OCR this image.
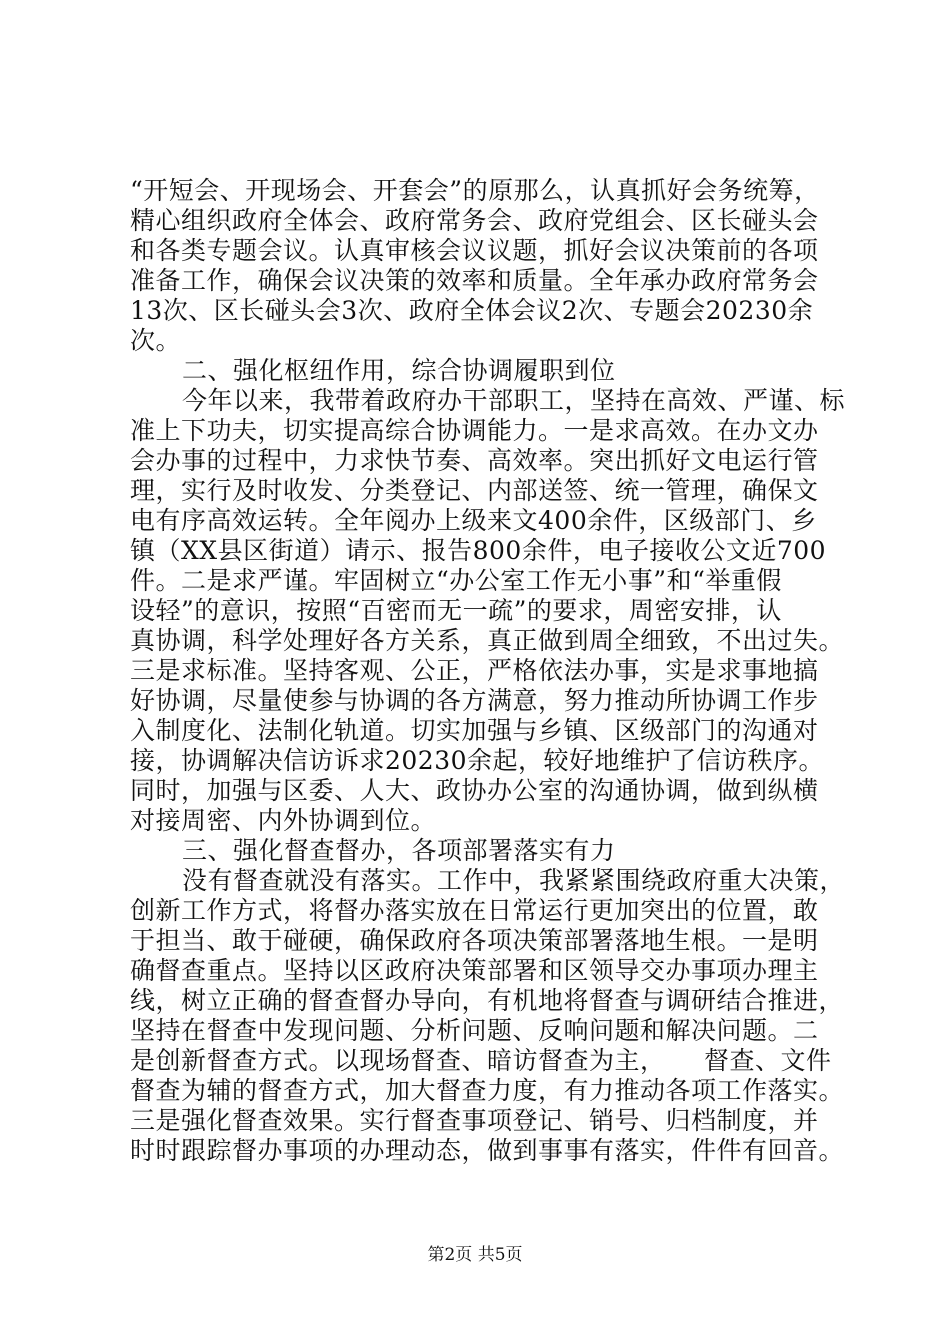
“开短会、开现场会、开套会”的原那么，认真抓好会务统筹，
精心组织政府全体会、政府常务会、政府党组会、区长碰头会
和各类专题会议。认真审核会议议题，抓好会议决策前的各项
准备工作，确保会议决策的效率和质量。全年承办政府常务会
13次、区长碰头会3次、政府全体会议2次、专题会20230余
次。
二、强化枢纽作用，综合协调履职到位
今年以来，我带着政府办干部职工，坚持在高效、严谨、标
准上下功夫，切实提高综合协调能力。一是求高效。在办文办
会办事的过程中，力求快节奏、高效率。突出抓好文电运行管
理，实行及时收发、分类登记、内部送签、统一管理，确保文
电有序高效运转。全年阅办上级来文400余件，区级部门、乡
镇（XX县区街道）请示、报告800余件，电子接收公文近700
件。二是求严谨。牢固树立“办公室工作无小事”和“举重假
设轻”的意识，按照“百密而无一疏”的要求，周密安排，认
真协调，科学处理好各方关系，真正做到周全细致，不出过失。
三是求标准。坚持客观、公正，严格依法办事，实是求事地搞
好协调，尽量使参与协调的各方满意，努力推动所协调工作步
入制度化、法制化轨道。切实加强与乡镇、区级部门的沟通对
接，协调解决信访诉求20230余起，较好地维护了信访秩序。
同时，加强与区委、人大、政协办公室的沟通协调，做到纵横
对接周密、内外协调到位。
三、强化督查督办，各项部署落实有力
没有督查就没有落实。工作中，我紧紧围绕政府重大决策，
创新工作方式，将督办落实放在日常运行更加突出的位置，敢
于担当、敢于碰硬，确保政府各项决策部署落地生根。一是明
确督查重点。坚持以区政府决策部署和区领导交办事项办理主
线，树立正确的督查督办导向，有机地将督查与调研结合推进，
坚持在督查中发现问题、分析问题、反响问题和解决问题。二
是创新督查方式。以现场督查、暗访督查为主，　　督查、文件
督查为辅的督查方式，加大督查力度，有力推动各项工作落实。
三是强化督查效果。实行督查事项登记、销号、归档制度，并
时时跟踪督办事项的办理动态，做到事事有落实，件件有回音。
第2页 共5页
